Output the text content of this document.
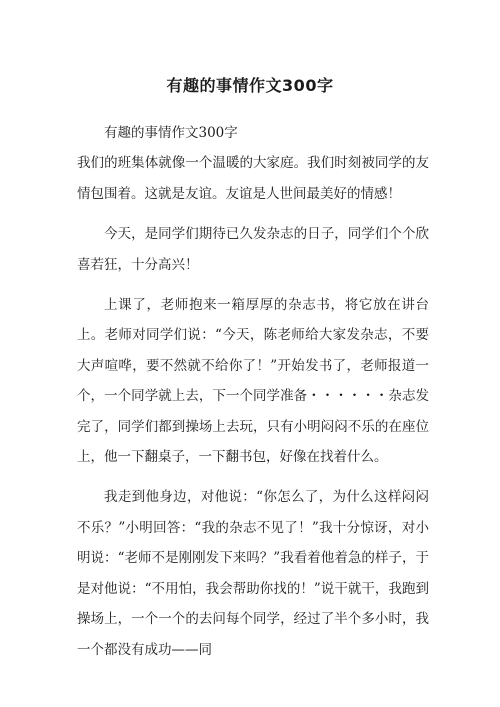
有趣的事情作文300字

有趣的事情作文300字

我们的班集体就像一个温暖的大家庭。我们时刻被同学的友情包围着。这就是友谊。友谊是人世间最美好的情感！

今天，是同学们期待已久发杂志的日子，同学们个个欣喜若狂，十分高兴！

上课了，老师抱来一箱厚厚的杂志书，将它放在讲台上。老师对同学们说：“今天，陈老师给大家发杂志，不要大声喧哗，要不然就不给你了！”开始发书了，老师报道一个，一个同学就上去，下一个同学准备・・・・・・杂志发完了，同学们都到操场上去玩，只有小明闷闷不乐的在座位上，他一下翻桌子，一下翻书包，好像在找着什么。

我走到他身边，对他说：“你怎么了，为什么这样闷闷不乐？”小明回答：“我的杂志不见了！”我十分惊讶，对小明说：“老师不是刚刚发下来吗？”我看着他着急的样子，于是对他说：“不用怕，我会帮助你找的！”说干就干，我跑到操场上，一个一个的去问每个同学，经过了半个多小时，我一个都没有成功——同
